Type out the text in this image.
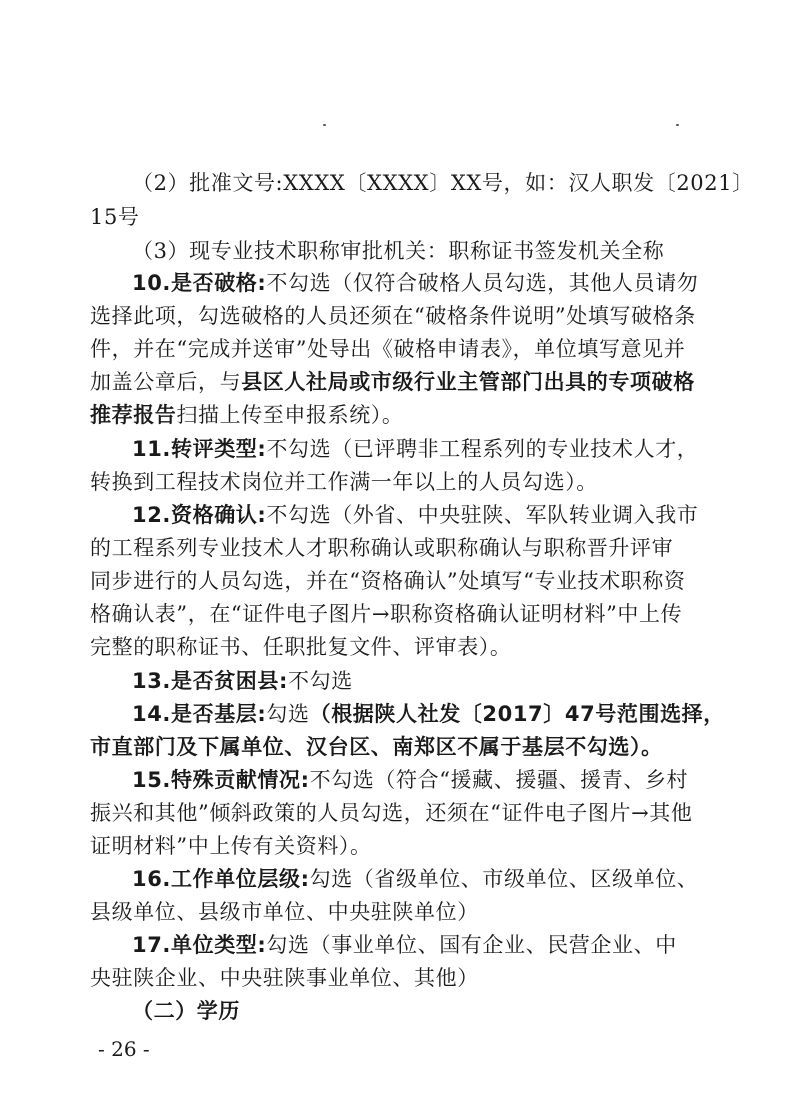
（2）批准文号:XXXX〔XXXX〕XX号，如：汉人职发〔2021〕
15号
（3）现专业技术职称审批机关：职称证书签发机关全称
10.是否破格:不勾选（仅符合破格人员勾选，其他人员请勿
选择此项，勾选破格的人员还须在“破格条件说明”处填写破格条
件，并在“完成并送审”处导出《破格申请表》，单位填写意见并
加盖公章后，与县区人社局或市级行业主管部门出具的专项破格
推荐报告扫描上传至申报系统）。
11.转评类型:不勾选（已评聘非工程系列的专业技术人才，
转换到工程技术岗位并工作满一年以上的人员勾选）。
12.资格确认:不勾选（外省、中央驻陕、军队转业调入我市
的工程系列专业技术人才职称确认或职称确认与职称晋升评审
同步进行的人员勾选，并在“资格确认”处填写“专业技术职称资
格确认表”，在“证件电子图片→职称资格确认证明材料”中上传
完整的职称证书、任职批复文件、评审表）。
13.是否贫困县:不勾选
14.是否基层:勾选（根据陕人社发〔2017〕47号范围选择，
市直部门及下属单位、汉台区、南郑区不属于基层不勾选）。
15.特殊贡献情况:不勾选（符合“援藏、援疆、援青、乡村
振兴和其他”倾斜政策的人员勾选，还须在“证件电子图片→其他
证明材料”中上传有关资料）。
16.工作单位层级:勾选（省级单位、市级单位、区级单位、
县级单位、县级市单位、中央驻陕单位）
17.单位类型:勾选（事业单位、国有企业、民营企业、中
央驻陕企业、中央驻陕事业单位、其他）
（二）学历
- 26 -
